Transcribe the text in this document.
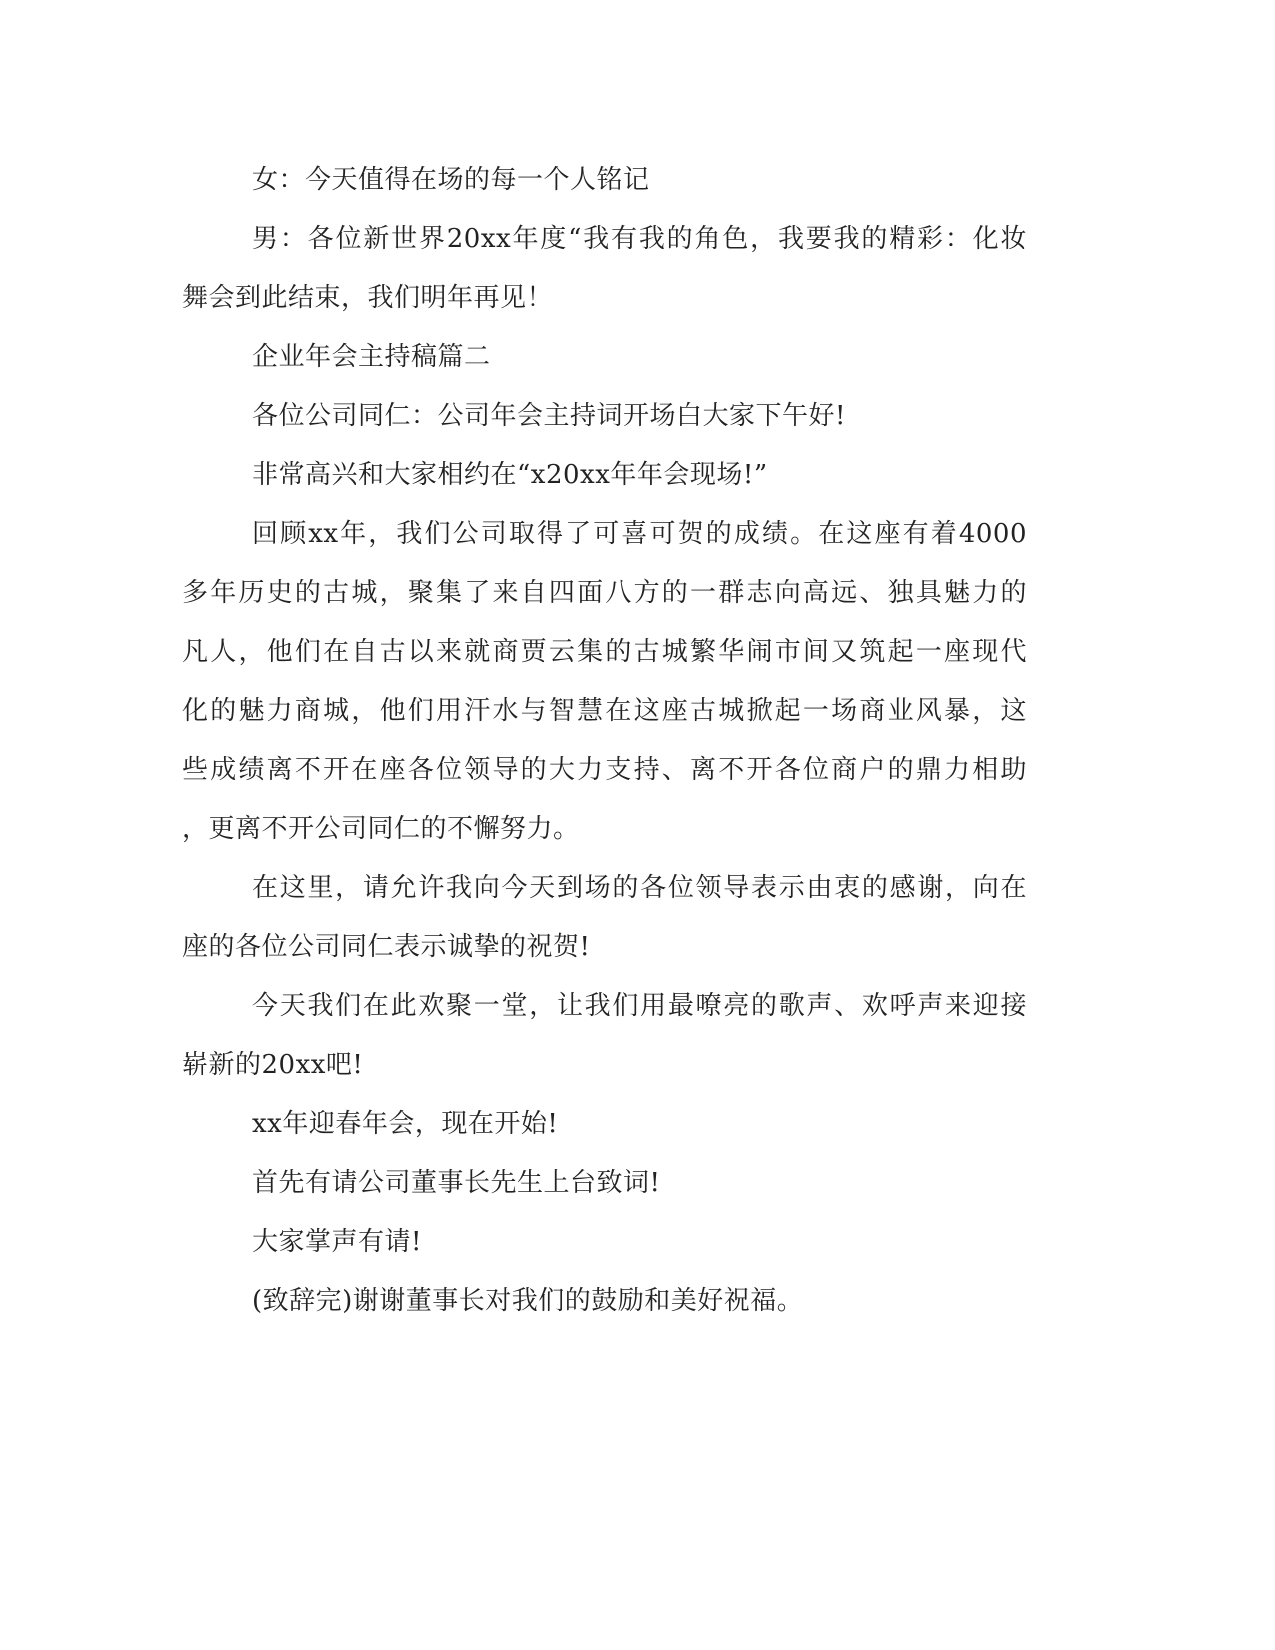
女：今天值得在场的每一个人铭记
男：各位新世界20xx年度“我有我的角色，我要我的精彩：化妆
舞会到此结束，我们明年再见！
企业年会主持稿篇二
各位公司同仁：公司年会主持词开场白大家下午好!
非常高兴和大家相约在“x20xx年年会现场!”
回顾xx年，我们公司取得了可喜可贺的成绩。在这座有着4000
多年历史的古城，聚集了来自四面八方的一群志向高远、独具魅力的
凡人，他们在自古以来就商贾云集的古城繁华闹市间又筑起一座现代
化的魅力商城，他们用汗水与智慧在这座古城掀起一场商业风暴，这
些成绩离不开在座各位领导的大力支持、离不开各位商户的鼎力相助
，更离不开公司同仁的不懈努力。
在这里，请允许我向今天到场的各位领导表示由衷的感谢，向在
座的各位公司同仁表示诚挚的祝贺!
今天我们在此欢聚一堂，让我们用最嘹亮的歌声、欢呼声来迎接
崭新的20xx吧!
xx年迎春年会，现在开始!
首先有请公司董事长先生上台致词!
大家掌声有请!
(致辞完)谢谢董事长对我们的鼓励和美好祝福。
